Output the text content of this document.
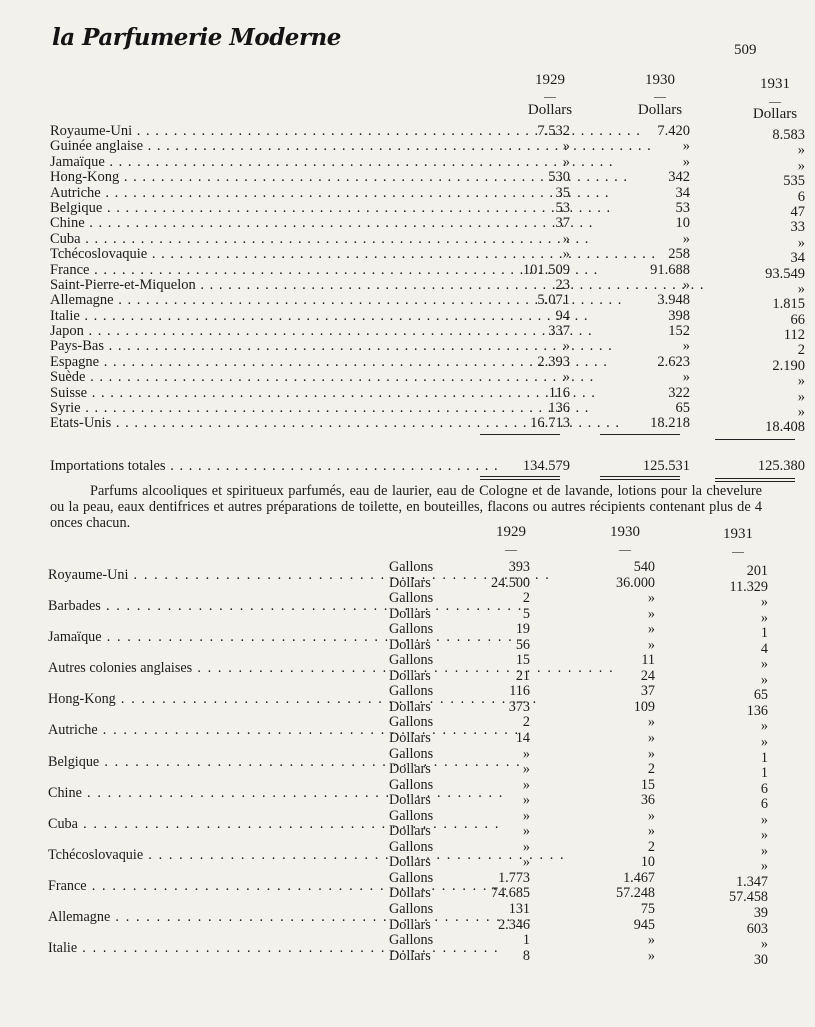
la Parfumerie Moderne	509
1929	1930	1931
—	—	—
Dollars	Dollars	Dollars
Royaume-Uni . . .	7.532	7.420	8.583
Guinée anglaise . . .	»	»	»
Jamaïque . . .	»	»	»
Hong-Kong . . .	530	342	535
Autriche . . .	35	34	6
Belgique . . .	53	53	47
Chine . . .	37	10	33
Cuba . . .	»	»	»
Tchécoslovaquie . . .	»	258	34
France . . .	101.509	91.688	93.549
Saint-Pierre-et-Miquelon . . .	23	»	»
Allemagne . . .	5.071	3.948	1.815
Italie . . .	94	398	66
Japon . . .	337	152	112
Pays-Bas . . .	»	»	2
Espagne . . .	2.393	2.623	2.190
Suède . . .	»	»	»
Suisse . . .	116	322	»
Syrie . . .	136	65	»
Etats-Unis . . .	16.713	18.218	18.408
Importations totales . . .	134.579	125.531	125.380

Parfums alcooliques et spiritueux parfumés, eau de laurier, eau de Cologne et de lavande, lotions pour la chevelure ou la peau, eaux dentifrices et autres préparations de toilette, en bouteilles, flacons ou autres récipients contenant plus de 4 onces chacun.

1929	1930	1931
—	—	—
Royaume-Uni . . .	Gallons	393	540	201
Dollars	24.500	36.000	11.329
Barbades . . .	Gallons	2	»	»
Dollars	5	»	»
Jamaïque . . .	Gallons	19	»	1
Dollars	56	»	4
Autres colonies anglaises . . .	Gallons	15	11	»
Dollars	21	24	»
Hong-Kong . . .	Gallons	116	37	65
Dollars	373	109	136
Autriche . . .	Gallons	2	»	»
Dollars	14	»	»
Belgique . . .	Gallons	»	»	1
Dollars	»	2	1
Chine . . .	Gallons	»	15	6
Dollars	»	36	6
Cuba . . .	Gallons	»	»	»
Dollars	»	»	»
Tchécoslovaquie . . .	Gallons	»	2	»
Dollars	»	10	»
France . . .	Gallons	1.773	1.467	1.347
Dollars	74.685	57.248	57.458
Allemagne . . .	Gallons	131	75	39
Dollars	2.346	945	603
Italie . . .	Gallons	1	»	»
Dollars	8	»	30
